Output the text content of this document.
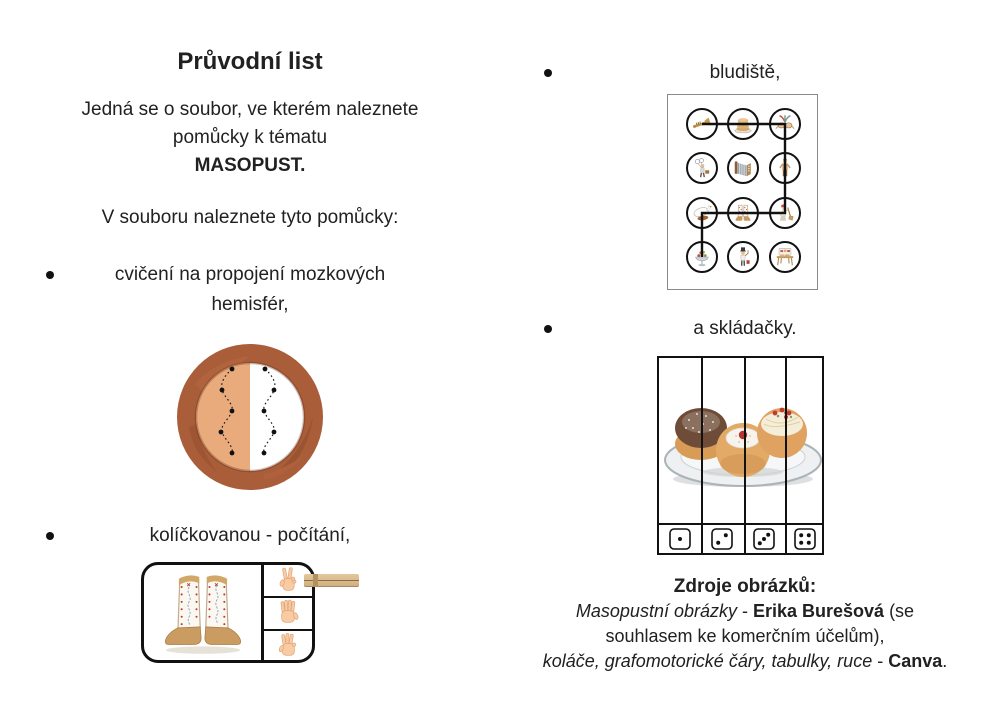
Průvodní list
Jedná se o soubor, ve kterém naleznete
pomůcky k tématu
MASOPUST.
V souboru naleznete tyto pomůcky:
cvičení na propojení mozkových hemisfér,
kolíčkovanou - počítání,
bludiště,
a skládačky.
Zdroje obrázků:
Masopustní obrázky - Erika Burešová (se
souhlasem ke komerčním účelům),
koláče, grafomotorické čáry, tabulky, ruce - Canva.
